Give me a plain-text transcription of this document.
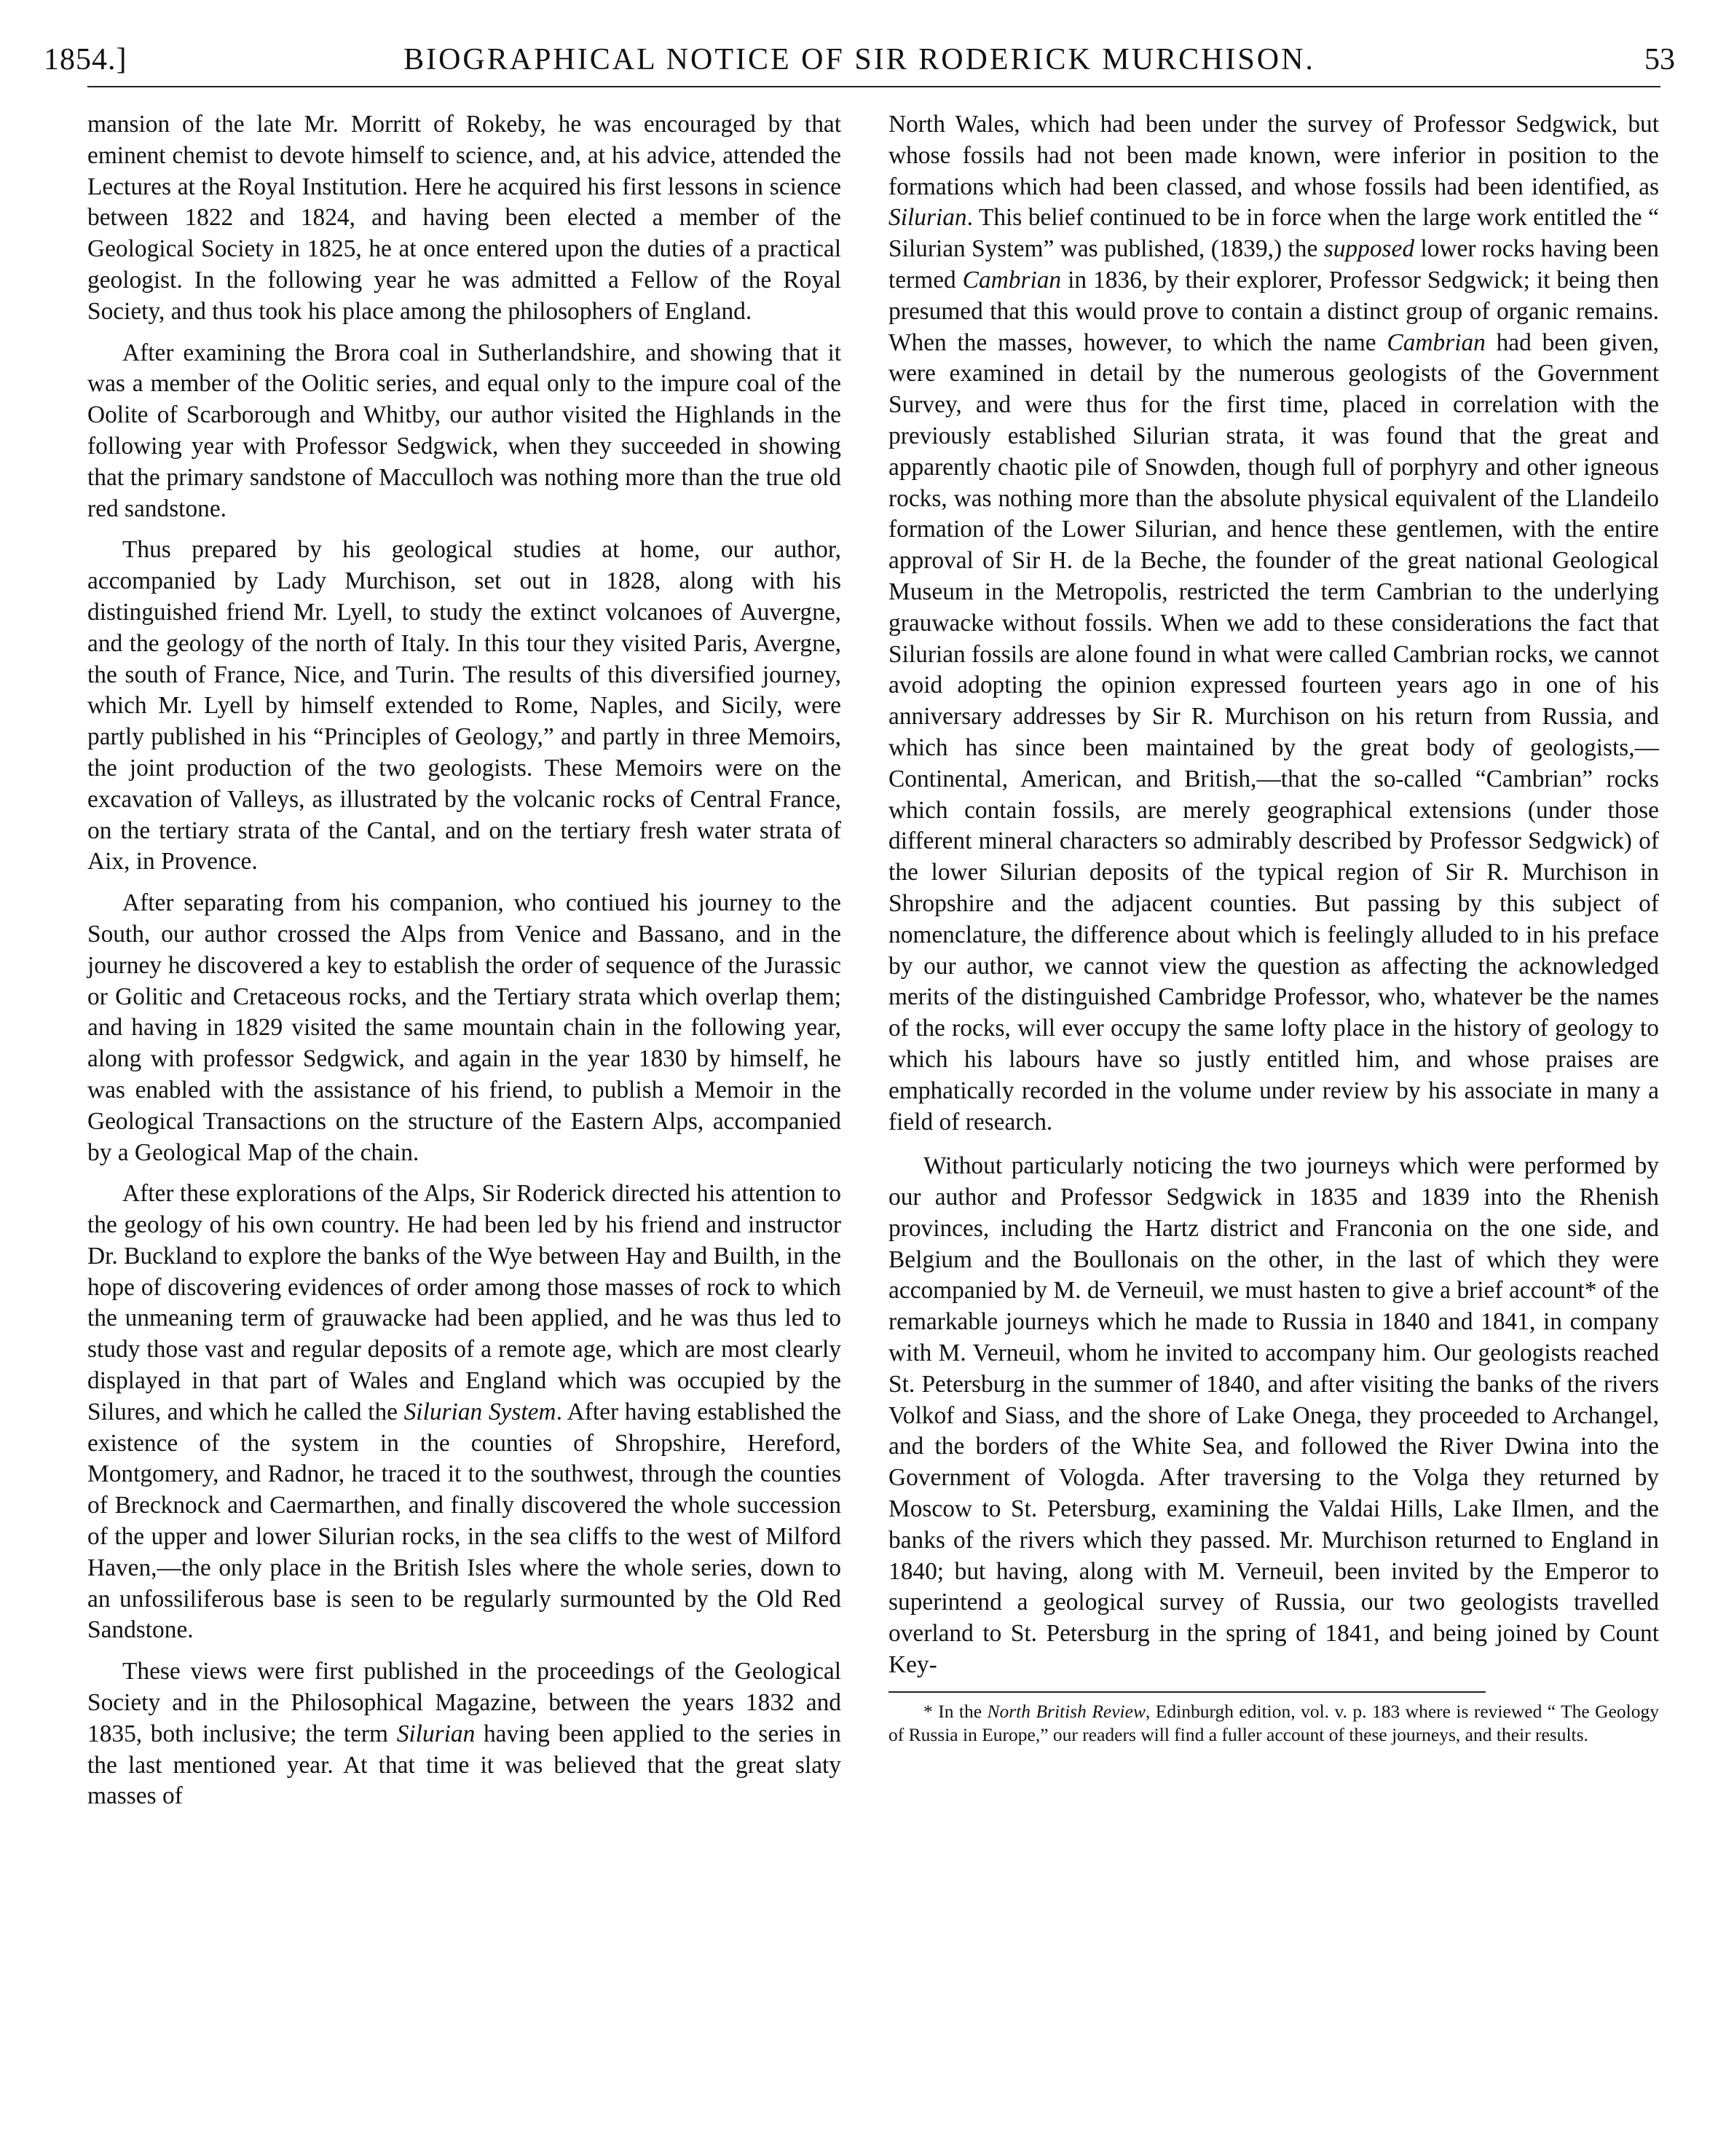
1854.]	BIOGRAPHICAL NOTICE OF SIR RODERICK MURCHISON.	53

mansion of the late Mr. Morritt of Rokeby, he was encouraged by that eminent chemist to devote himself to science, and, at his advice, attended the Lectures at the Royal Institution. Here he acquired his first lessons in science between 1822 and 1824, and having been elected a member of the Geological Society in 1825, he at once entered upon the duties of a practical geologist. In the following year he was admitted a Fellow of the Royal Society, and thus took his place among the philosophers of England.

After examining the Brora coal in Sutherlandshire, and showing that it was a member of the Oolitic series, and equal only to the impure coal of the Oolite of Scarborough and Whitby, our author visited the Highlands in the following year with Professor Sedgwick, when they succeeded in showing that the primary sandstone of Macculloch was nothing more than the true old red sandstone.

Thus prepared by his geological studies at home, our author, accompanied by Lady Murchison, set out in 1828, along with his distinguished friend Mr. Lyell, to study the extinct volcanoes of Auvergne, and the geology of the north of Italy. In this tour they visited Paris, Avergne, the south of France, Nice, and Turin. The results of this diversified journey, which Mr. Lyell by himself extended to Rome, Naples, and Sicily, were partly published in his “Principles of Geology,” and partly in three Memoirs, the joint production of the two geologists. These Memoirs were on the excavation of Valleys, as illustrated by the volcanic rocks of Central France, on the tertiary strata of the Cantal, and on the tertiary fresh water strata of Aix, in Provence.

After separating from his companion, who contiued his journey to the South, our author crossed the Alps from Venice and Bassano, and in the journey he discovered a key to establish the order of sequence of the Jurassic or Golitic and Cretaceous rocks, and the Tertiary strata which overlap them; and having in 1829 visited the same mountain chain in the following year, along with professor Sedgwick, and again in the year 1830 by himself, he was enabled with the assistance of his friend, to publish a Memoir in the Geological Transactions on the structure of the Eastern Alps, accompanied by a Geological Map of the chain.

After these explorations of the Alps, Sir Roderick directed his attention to the geology of his own country. He had been led by his friend and instructor Dr. Buckland to explore the banks of the Wye between Hay and Builth, in the hope of discovering evidences of order among those masses of rock to which the unmeaning term of grauwacke had been applied, and he was thus led to study those vast and regular deposits of a remote age, which are most clearly displayed in that part of Wales and England which was occupied by the Silures, and which he called the Silurian System. After having established the existence of the system in the counties of Shropshire, Hereford, Montgomery, and Radnor, he traced it to the southwest, through the counties of Brecknock and Caermarthen, and finally discovered the whole succession of the upper and lower Silurian rocks, in the sea cliffs to the west of Milford Haven,—the only place in the British Isles where the whole series, down to an unfossiliferous base is seen to be regularly surmounted by the Old Red Sandstone.

These views were first published in the proceedings of the Geological Society and in the Philosophical Magazine, between the years 1832 and 1835, both inclusive; the term Silurian having been applied to the series in the last mentioned year. At that time it was believed that the great slaty masses of

North Wales, which had been under the survey of Professor Sedgwick, but whose fossils had not been made known, were inferior in position to the formations which had been classed, and whose fossils had been identified, as Silurian. This belief continued to be in force when the large work entitled the “ Silurian System” was published, (1839,) the supposed lower rocks having been termed Cambrian in 1836, by their explorer, Professor Sedgwick; it being then presumed that this would prove to contain a distinct group of organic remains. When the masses, however, to which the name Cambrian had been given, were examined in detail by the numerous geologists of the Government Survey, and were thus for the first time, placed in correlation with the previously established Silurian strata, it was found that the great and apparently chaotic pile of Snowden, though full of porphyry and other igneous rocks, was nothing more than the absolute physical equivalent of the Llandeilo formation of the Lower Silurian, and hence these gentlemen, with the entire approval of Sir H. de la Beche, the founder of the great national Geological Museum in the Metropolis, restricted the term Cambrian to the underlying grauwacke without fossils. When we add to these considerations the fact that Silurian fossils are alone found in what were called Cambrian rocks, we cannot avoid adopting the opinion expressed fourteen years ago in one of his anniversary addresses by Sir R. Murchison on his return from Russia, and which has since been maintained by the great body of geologists,—Continental, American, and British,—that the so-called “Cambrian” rocks which contain fossils, are merely geographical extensions (under those different mineral characters so admirably described by Professor Sedgwick) of the lower Silurian deposits of the typical region of Sir R. Murchison in Shropshire and the adjacent counties. But passing by this subject of nomenclature, the difference about which is feelingly alluded to in his preface by our author, we cannot view the question as affecting the acknowledged merits of the distinguished Cambridge Professor, who, whatever be the names of the rocks, will ever occupy the same lofty place in the history of geology to which his labours have so justly entitled him, and whose praises are emphatically recorded in the volume under review by his associate in many a field of research.

Without particularly noticing the two journeys which were performed by our author and Professor Sedgwick in 1835 and 1839 into the Rhenish provinces, including the Hartz district and Franconia on the one side, and Belgium and the Boullonais on the other, in the last of which they were accompanied by M. de Verneuil, we must hasten to give a brief account* of the remarkable journeys which he made to Russia in 1840 and 1841, in company with M. Verneuil, whom he invited to accompany him. Our geologists reached St. Petersburg in the summer of 1840, and after visiting the banks of the rivers Volkof and Siass, and the shore of Lake Onega, they proceeded to Archangel, and the borders of the White Sea, and followed the River Dwina into the Government of Vologda. After traversing to the Volga they returned by Moscow to St. Petersburg, examining the Valdai Hills, Lake Ilmen, and the banks of the rivers which they passed. Mr. Murchison returned to England in 1840; but having, along with M. Verneuil, been invited by the Emperor to superintend a geological survey of Russia, our two geologists travelled overland to St. Petersburg in the spring of 1841, and being joined by Count Key-

* In the North British Review, Edinburgh edition, vol. v. p. 183 where is reviewed “ The Geology of Russia in Europe,” our readers will find a fuller account of these journeys, and their results.
